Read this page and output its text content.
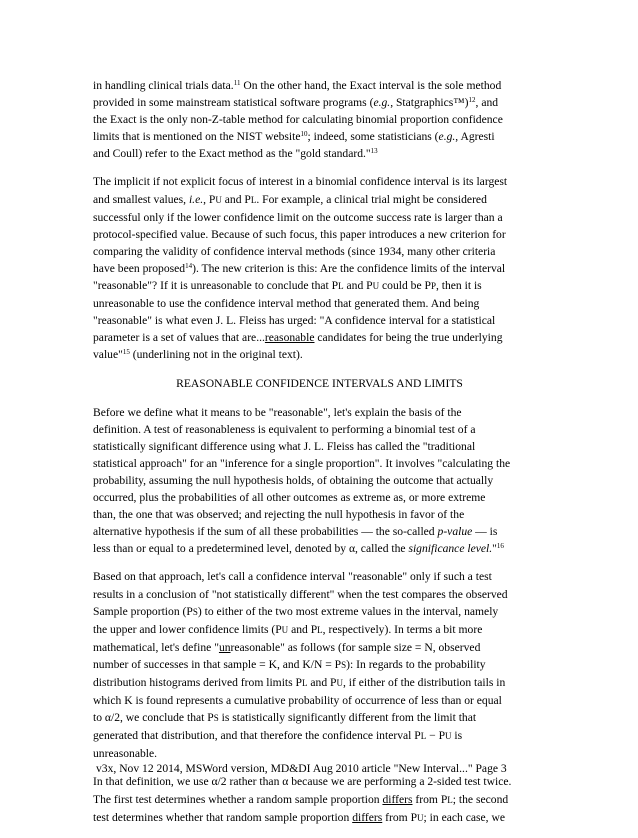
in handling clinical trials data.$^{11}$ On the other hand, the Exact interval is the sole method
provided in some mainstream statistical software programs (e.g., Statgraphics™)$^{12}$, and
the Exact is the only non-Z-table method for calculating binomial proportion confidence
limits that is mentioned on the NIST website$^{10}$; indeed, some statisticians (e.g., Agresti
and Coull) refer to the Exact method as the "gold standard."$^{13}$
The implicit if not explicit focus of interest in a binomial confidence interval is its largest
and smallest values, i.e., PU and PL. For example, a clinical trial might be considered
successful only if the lower confidence limit on the outcome success rate is larger than a
protocol-specified value. Because of such focus, this paper introduces a new criterion for
comparing the validity of confidence interval methods (since 1934, many other criteria
have been proposed$^{14}$). The new criterion is this: Are the confidence limits of the interval
"reasonable"? If it is unreasonable to conclude that PL and PU could be PP, then it is
unreasonable to use the confidence interval method that generated them. And being
"reasonable" is what even J. L. Fleiss has urged: "A confidence interval for a statistical
parameter is a set of values that are...reasonable candidates for being the true underlying
value"$^{15}$ (underlining not in the original text).
REASONABLE CONFIDENCE INTERVALS AND LIMITS
Before we define what it means to be "reasonable", let's explain the basis of the
definition. A test of reasonableness is equivalent to performing a binomial test of a
statistically significant difference using what J. L. Fleiss has called the "traditional
statistical approach" for an "inference for a single proportion". It involves "calculating the
probability, assuming the null hypothesis holds, of obtaining the outcome that actually
occurred, plus the probabilities of all other outcomes as extreme as, or more extreme
than, the one that was observed; and rejecting the null hypothesis in favor of the
alternative hypothesis if the sum of all these probabilities — the so-called p-value — is
less than or equal to a predetermined level, denoted by α, called the significance level."$^{16}$
Based on that approach, let's call a confidence interval "reasonable" only if such a test
results in a conclusion of "not statistically different" when the test compares the observed
Sample proportion (PS) to either of the two most extreme values in the interval, namely
the upper and lower confidence limits (PU and PL, respectively). In terms a bit more
mathematical, let's define "unreasonable" as follows (for sample size = N, observed
number of successes in that sample = K, and K/N = PS): In regards to the probability
distribution histograms derived from limits PL and PU, if either of the distribution tails in
which K is found represents a cumulative probability of occurrence of less than or equal
to α/2, we conclude that PS is statistically significantly different from the limit that
generated that distribution, and that therefore the confidence interval PL − PU is
unreasonable.
In that definition, we use α/2 rather than α because we are performing a 2-sided test twice.
The first test determines whether a random sample proportion differs from PL; the second
test determines whether that random sample proportion differs from PU; in each case, we
v3x, Nov 12 2014, MSWord version, MD&DI Aug 2010 article "New Interval..." Page 3
